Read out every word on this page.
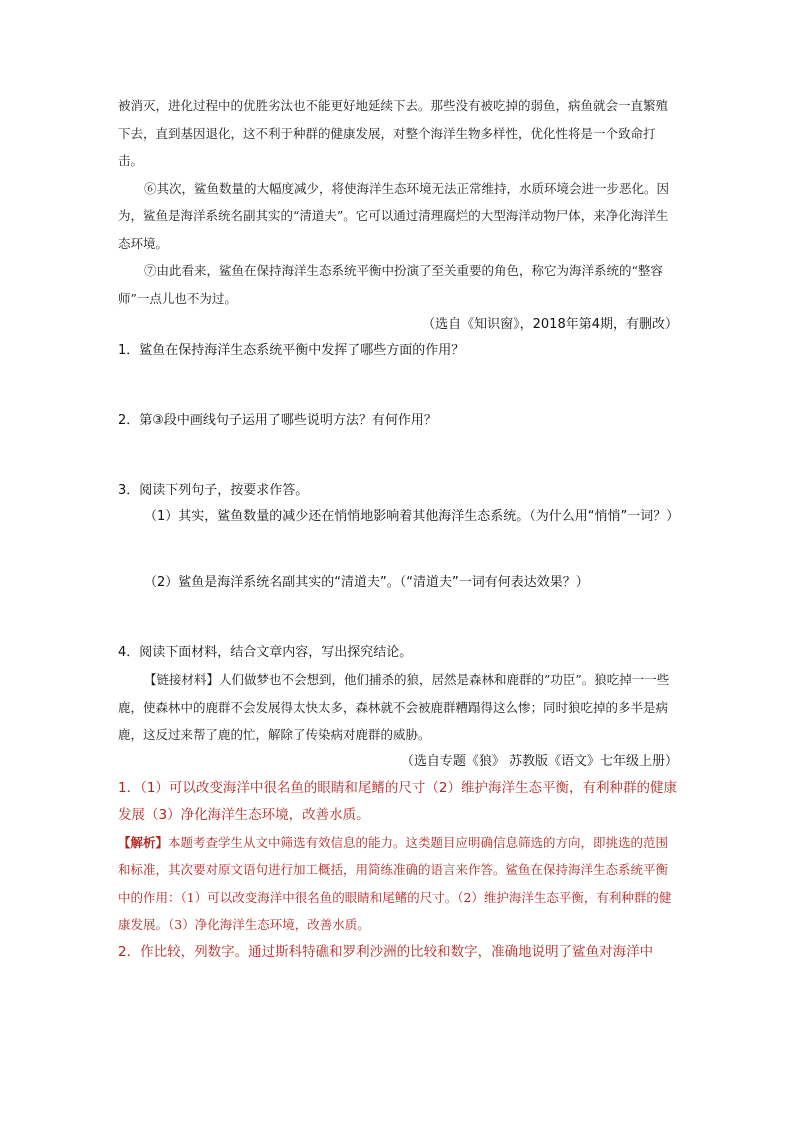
被消灭，进化过程中的优胜劣汰也不能更好地延续下去。那些没有被吃掉的弱鱼，病鱼就会一直繁殖下去，直到基因退化，这不利于种群的健康发展，对整个海洋生物多样性，优化性将是一个致命打击。

⑥其次，鲨鱼数量的大幅度减少，将使海洋生态环境无法正常维持，水质环境会进一步恶化。因为，鲨鱼是海洋系统名副其实的“清道夫”。它可以通过清理腐烂的大型海洋动物尸体，来净化海洋生态环境。

⑦由此看来，鲨鱼在保持海洋生态系统平衡中扮演了至关重要的角色，称它为海洋系统的“整容师”一点儿也不为过。

（选自《知识窗》，2018年第4期，有删改）

1．鲨鱼在保持海洋生态系统平衡中发挥了哪些方面的作用？

2．第③段中画线句子运用了哪些说明方法？有何作用？

3．阅读下列句子，按要求作答。

（1）其实，鲨鱼数量的减少还在悄悄地影响着其他海洋生态系统。（为什么用“悄悄”一词？）

（2）鲨鱼是海洋系统名副其实的“清道夫”。（“清道夫”一词有何表达效果？）

4．阅读下面材料，结合文章内容，写出探究结论。

【链接材料】人们做梦也不会想到，他们捕杀的狼，居然是森林和鹿群的”功臣”。狼吃掉一一些鹿，使森林中的鹿群不会发展得太快太多，森林就不会被鹿群糟蹋得这么惨；同时狼吃掉的多半是病鹿，这反过来帮了鹿的忙，解除了传染病对鹿群的威胁。

（选自专题《狼》 苏教版《语文》七年级上册）

1．（1）可以改变海洋中很名鱼的眼睛和尾鳍的尺寸（2）维护海洋生态平衡，有利种群的健康发展（3）净化海洋生态环境，改善水质。

【解析】本题考查学生从文中筛选有效信息的能力。这类题目应明确信息筛选的方向，即挑选的范围和标准，其次要对原文语句进行加工概括，用简练准确的语言来作答。鲨鱼在保持海洋生态系统平衡中的作用：（1）可以改变海洋中很名鱼的眼睛和尾鳍的尺寸。（2）维护海洋生态平衡，有利种群的健康发展。（3）净化海洋生态环境，改善水质。

2．作比较，列数字。通过斯科特礁和罗利沙洲的比较和数字，准确地说明了鲨鱼对海洋中
